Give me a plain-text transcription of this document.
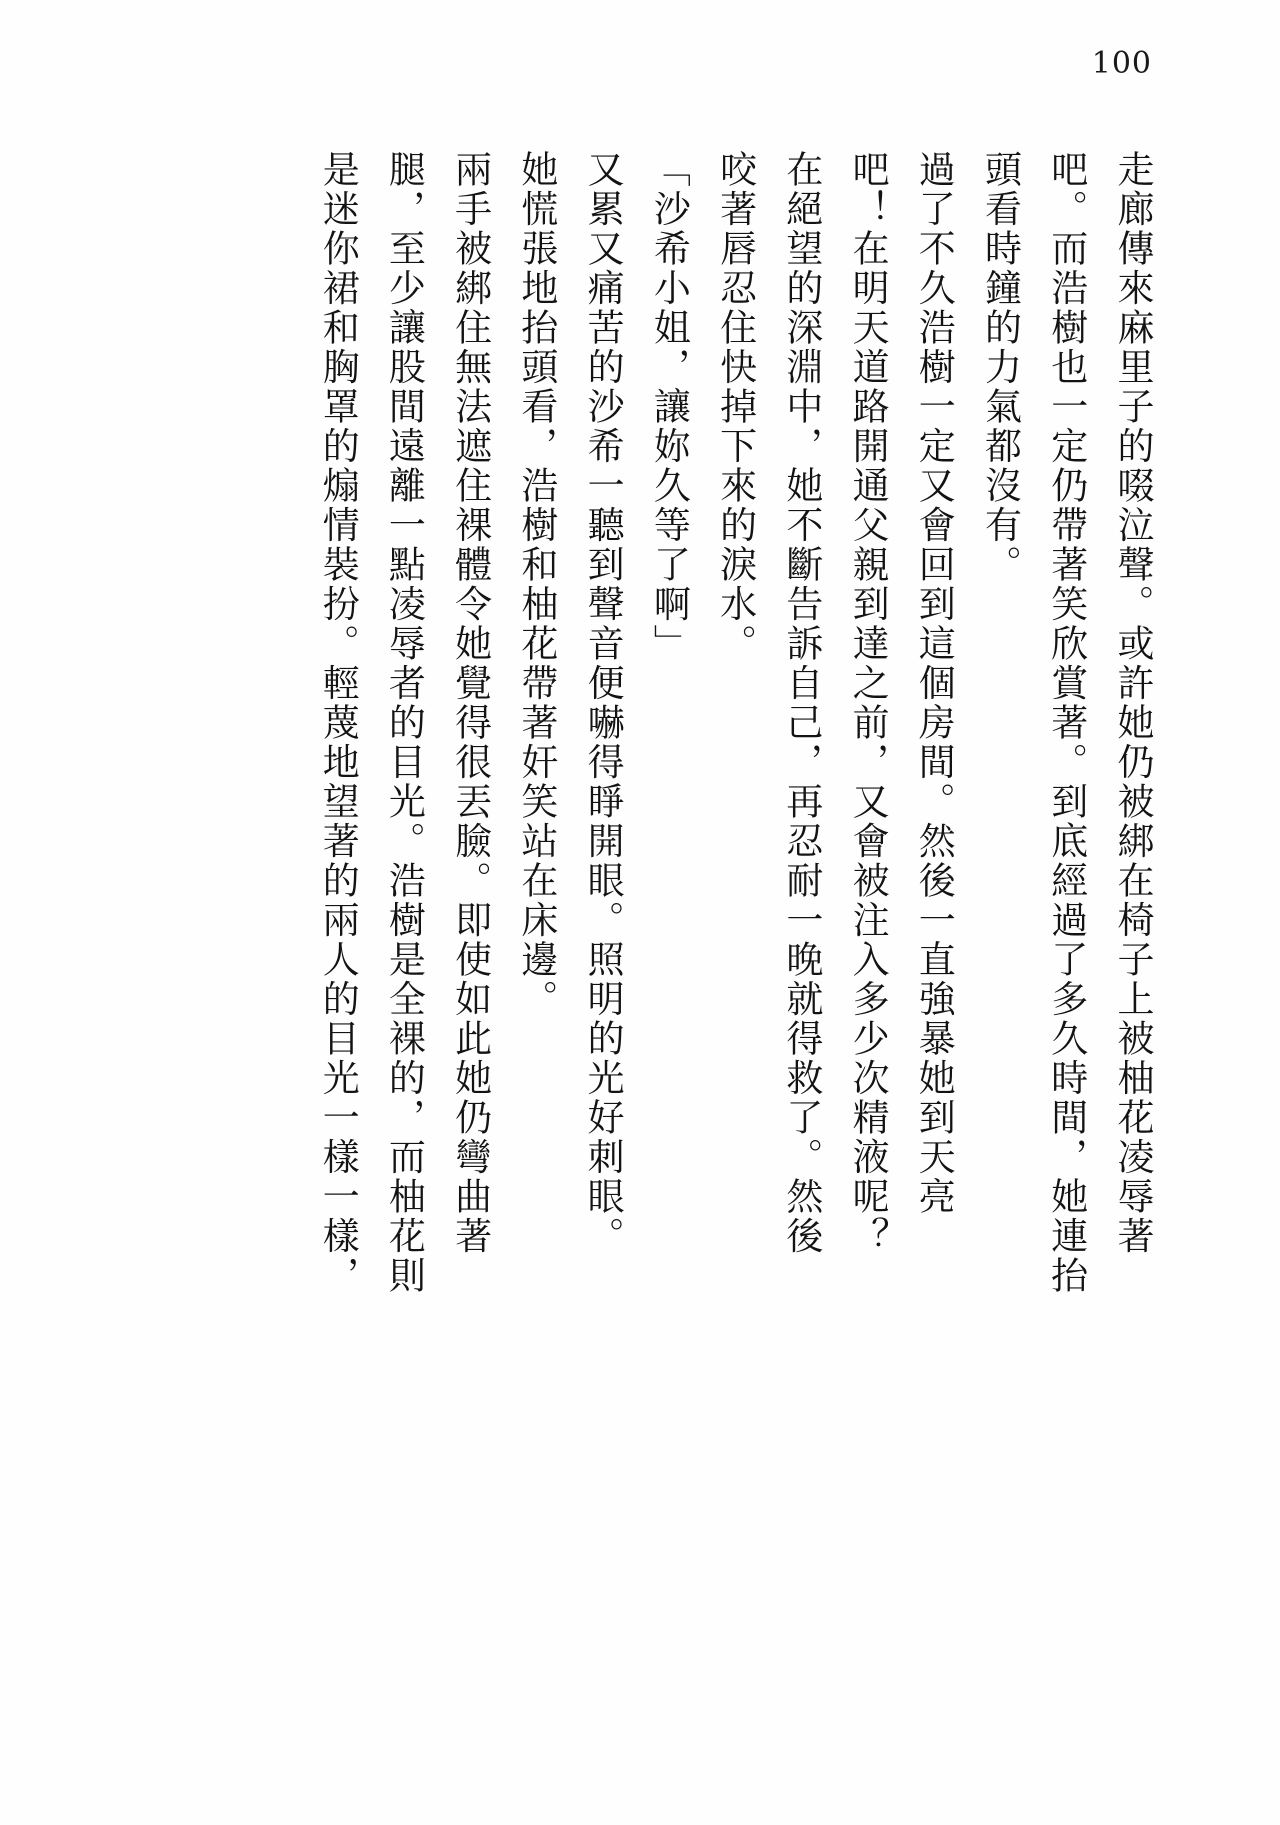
100
走廊傳來麻里子的啜泣聲。或許她仍被綁在椅子上被柚花凌辱著
吧。而浩樹也一定仍帶著笑欣賞著。到底經過了多久時間，她連抬
頭看時鐘的力氣都沒有。
過了不久浩樹一定又會回到這個房間。然後一直強暴她到天亮
吧！在明天道路開通父親到達之前，又會被注入多少次精液呢？
在絕望的深淵中，她不斷告訴自己，再忍耐一晚就得救了。然後
咬著唇忍住快掉下來的淚水。
「沙希小姐，讓妳久等了啊」
又累又痛苦的沙希一聽到聲音便嚇得睜開眼。照明的光好刺眼。
她慌張地抬頭看，浩樹和柚花帶著奸笑站在床邊。
兩手被綁住無法遮住裸體令她覺得很丟臉。即使如此她仍彎曲著
腿，至少讓股間遠離一點凌辱者的目光。浩樹是全裸的，而柚花則
是迷你裙和胸罩的煽情裝扮。輕蔑地望著的兩人的目光一樣一樣，
